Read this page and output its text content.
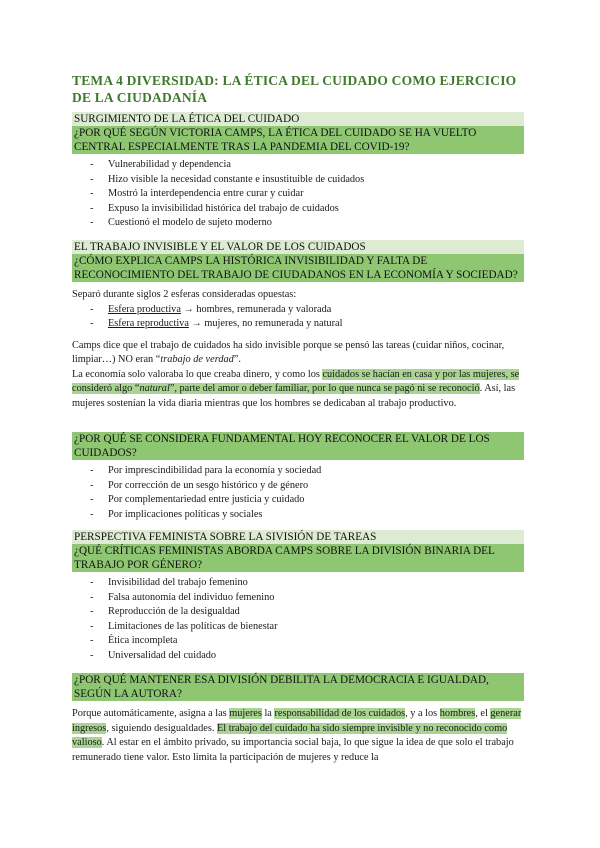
TEMA 4 DIVERSIDAD: LA ÉTICA DEL CUIDADO COMO EJERCICIO DE LA CIUDADANÍA
SURGIMIENTO DE LA ÉTICA DEL CUIDADO
¿POR QUÉ SEGÚN VICTORIA CAMPS, LA ÉTICA DEL CUIDADO SE HA VUELTO CENTRAL ESPECIALMENTE TRAS LA PANDEMIA DEL COVID-19?
- Vulnerabilidad y dependencia
- Hizo visible la necesidad constante e insustituible de cuidados
- Mostró la interdependencia entre curar y cuidar
- Expuso la invisibilidad histórica del trabajo de cuidados
- Cuestionó el modelo de sujeto moderno
EL TRABAJO INVISIBLE Y EL VALOR DE LOS CUIDADOS
¿CÓMO EXPLICA CAMPS LA HISTÓRICA INVISIBILIDAD Y FALTA DE RECONOCIMIENTO DEL TRABAJO DE CIUDADANOS EN LA ECONOMÍA Y SOCIEDAD?

Separó durante siglos 2 esferas consideradas opuestas:

- Esfera productiva → hombres, remunerada y valorada
- Esfera reproductiva → mujeres, no remunerada y natural

Camps dice que el trabajo de cuidados ha sido invisible porque se pensó las tareas (cuidar niños, cocinar, limpiar…) NO eran “trabajo de verdad”.

La economía solo valoraba lo que creaba dinero, y como los cuidados se hacían en casa y por las mujeres, se consideró algo “natural”, parte del amor o deber familiar, por lo que nunca se pagó ni se reconoció. Así, las mujeres sostenían la vida diaria mientras que los hombres se dedicaban al trabajo productivo.

¿POR QUÉ SE CONSIDERA FUNDAMENTAL HOY RECONOCER EL VALOR DE LOS CUIDADOS?
- Por imprescindibilidad para la economía y sociedad
- Por corrección de un sesgo histórico y de género
- Por complementariedad entre justicia y cuidado
- Por implicaciones políticas y sociales
PERSPECTIVA FEMINISTA SOBRE LA SIVISIÓN DE TAREAS
¿QUÉ CRÍTICAS FEMINISTAS ABORDA CAMPS SOBRE LA DIVISIÓN BINARIA DEL TRABAJO POR GÉNERO?
- Invisibilidad del trabajo femenino
- Falsa autonomía del individuo femenino
- Reproducción de la desigualdad
- Limitaciones de las políticas de bienestar
- Ética incompleta
- Universalidad del cuidado
¿POR QUÉ MANTENER ESA DIVISIÓN DEBILITA LA DEMOCRACIA E IGUALDAD, SEGÚN LA AUTORA?

Porque automáticamente, asigna a las mujeres la responsabilidad de los cuidados, y a los hombres, el generar ingresos, siguiendo desigualdades. El trabajo del cuidado ha sido siempre invisible y no reconocido como valioso. Al estar en el ámbito privado, su importancia social baja, lo que sigue la idea de que solo el trabajo remunerado tiene valor. Esto limita la participación de mujeres y reduce la
